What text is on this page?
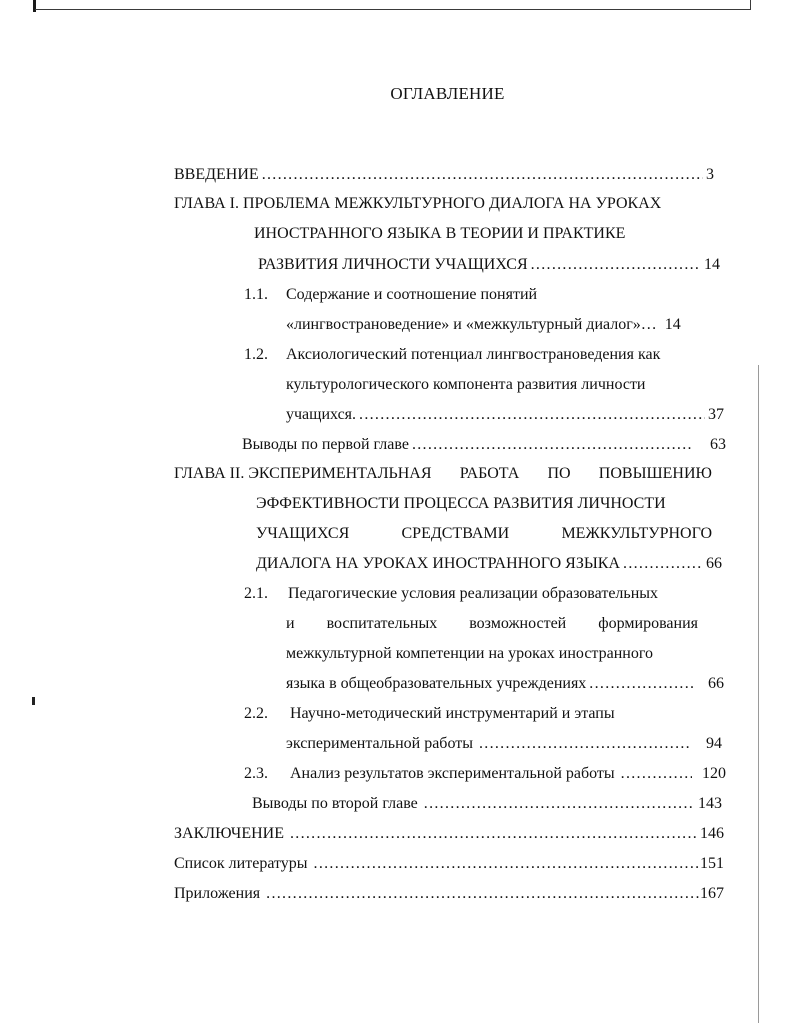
ОГЛАВЛЕНИЕ
ВВЕДЕНИЕ .....	3
ГЛАВА I. ПРОБЛЕМА МЕЖКУЛЬТУРНОГО ДИАЛОГА НА УРОКАХ
ИНОСТРАННОГО ЯЗЫКА В ТЕОРИИ И ПРАКТИКЕ
РАЗВИТИЯ ЛИЧНОСТИ УЧАЩИХСЯ .....	14
1.1. Содержание и соотношение понятий
«лингвострановедение» и «межкультурный диалог»… 14
1.2. Аксиологический потенциал лингвострановедения как
культурологического компонента развития личности
учащихся. .....	37
Выводы по первой главе .....	63
ГЛАВА II. ЭКСПЕРИМЕНТАЛЬНАЯ РАБОТА ПО ПОВЫШЕНИЮ
ЭФФЕКТИВНОСТИ ПРОЦЕССА РАЗВИТИЯ ЛИЧНОСТИ
УЧАЩИХСЯ	СРЕДСТВАМИ	МЕЖКУЛЬТУРНОГО
ДИАЛОГА НА УРОКАХ ИНОСТРАННОГО ЯЗЫКА .....	66
2.1. Педагогические условия реализации образовательных
и воспитательных возможностей формирования
межкультурной компетенции на уроках иностранного
языка в общеобразовательных учреждениях .....	66
2.2. Научно-методический инструментарий и этапы
экспериментальной работы .....	94
2.3.	Анализ результатов экспериментальной работы .....	120
Выводы по второй главе .....	143
ЗАКЛЮЧЕНИЕ .....	146
Список литературы .....	151
Приложения .....	167
